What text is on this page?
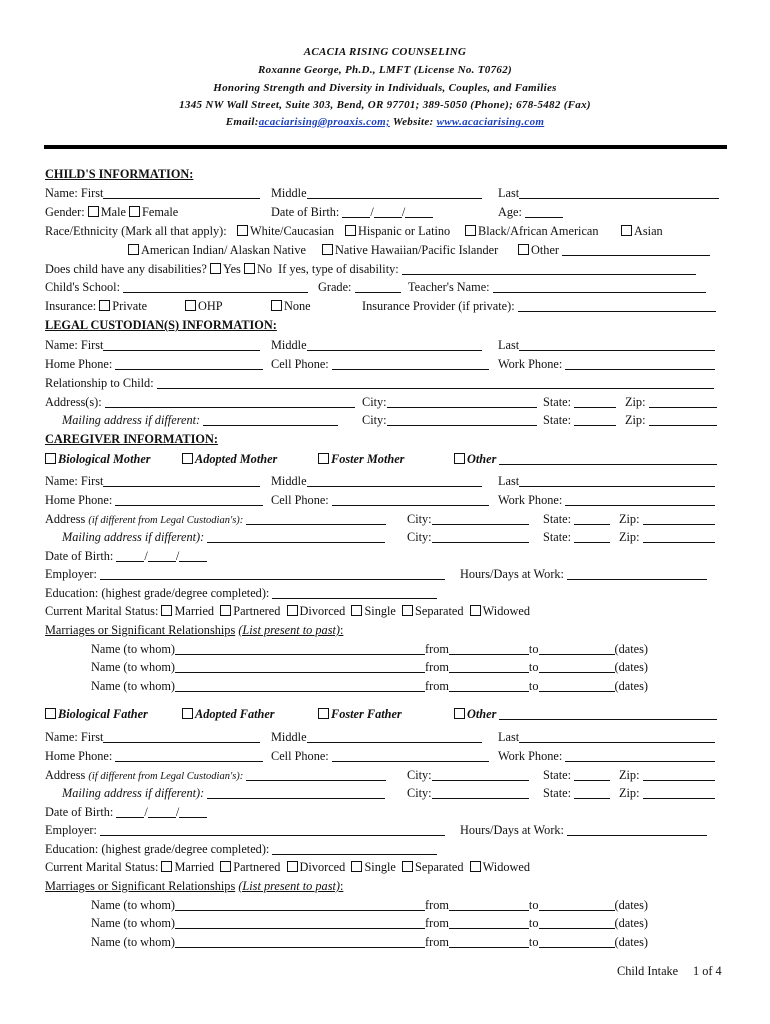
ACACIA RISING COUNSELING
Roxanne George, Ph.D., LMFT (License No. T0762)
Honoring Strength and Diversity in Individuals, Couples, and Families
1345 NW Wall Street, Suite 303, Bend, OR 97701; 389-5050 (Phone); 678-5482 (Fax)
Email:acaciarising@proaxis.com; Website: www.acaciarising.com
CHILD'S INFORMATION:
Name: First	Middle	Last
Gender: Male Female	Date of Birth:	/ /	Age:
Race/Ethnicity (Mark all that apply):	White/Caucasian	Hispanic or Latino	Black/African American	Asian
American Indian/ Alaskan Native	Native Hawaiian/Pacific Islander	Other
Does child have any disabilities? Yes No If yes, type of disability:
Child's School:	Grade:	Teacher's Name:
Insurance: Private	OHP	None	Insurance Provider (if private):
LEGAL CUSTODIAN(S) INFORMATION:
Name: First	Middle	Last
Home Phone:	Cell Phone:	Work Phone:
Relationship to Child:
Address(s):	City:	State:	Zip:
Mailing address if different:	City:	State:	Zip:
CAREGIVER INFORMATION:
Biological Mother	Adopted Mother	Foster Mother	Other
Name: First	Middle	Last
Home Phone:	Cell Phone:	Work Phone:
Address (if different from Legal Custodian's):	City:	State:	Zip:
Mailing address if different):	City:	State:	Zip:
Date of Birth:	/ /
Employer:	Hours/Days at Work:
Education: (highest grade/degree completed):
Current Marital Status: Married Partnered Divorced Single Separated Widowed
Marriages or Significant Relationships (List present to past):
Name (to whom)	from	to	(dates)
Name (to whom)	from	to	(dates)
Name (to whom)	from	to	(dates)
Biological Father	Adopted Father	Foster Father	Other
Name: First	Middle	Last
Home Phone:	Cell Phone:	Work Phone:
Address (if different from Legal Custodian's):	City:	State:	Zip:
Mailing address if different):	City:	State:	Zip:
Date of Birth:	/ /
Employer:	Hours/Days at Work:
Education: (highest grade/degree completed):
Current Marital Status: Married Partnered Divorced Single Separated Widowed
Marriages or Significant Relationships (List present to past):
Name (to whom)	from	to	(dates)
Name (to whom)	from	to	(dates)
Name (to whom)	from	to	(dates)
Child Intake 1 of 4
